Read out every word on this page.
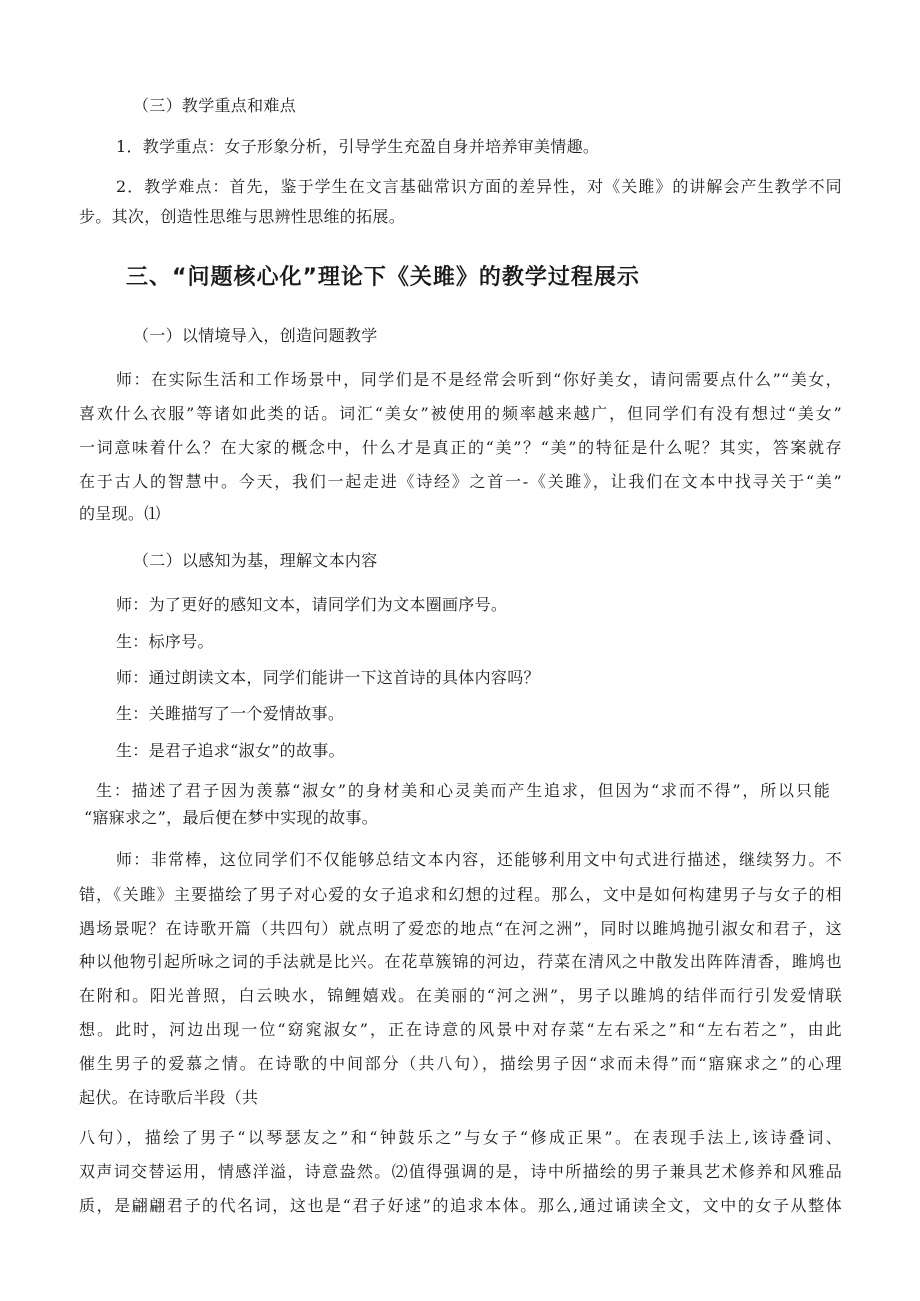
（三）教学重点和难点
1．教学重点：女子形象分析，引导学生充盈自身并培养审美情趣。
2．教学难点：首先，鉴于学生在文言基础常识方面的差异性，对《关雎》的讲解会产生教学不同
步。其次，创造性思维与思辨性思维的拓展。
三、“问题核心化”理论下《关雎》的教学过程展示
（一）以情境导入，创造问题教学
师：在实际生活和工作场景中，同学们是不是经常会听到“你好美女，请问需要点什么”“美女，
喜欢什么衣服”等诸如此类的话。词汇“美女”被使用的频率越来越广，但同学们有没有想过“美女”
一词意味着什么？在大家的概念中，什么才是真正的“美”？“美”的特征是什么呢？其实，答案就存
在于古人的智慧中。今天，我们一起走进《诗经》之首一-《关雎》，让我们在文本中找寻关于“美”
的呈现。⑴
（二）以感知为基，理解文本内容
师：为了更好的感知文本，请同学们为文本圈画序号。
生：标序号。
师：通过朗读文本，同学们能讲一下这首诗的具体内容吗？
生：关雎描写了一个爱情故事。
生：是君子追求“淑女”的故事。
生：描述了君子因为羡慕“淑女”的身材美和心灵美而产生追求，但因为“求而不得”，所以只能
“寤寐求之”，最后便在梦中实现的故事。
师：非常棒，这位同学们不仅能够总结文本内容，还能够利用文中句式进行描述，继续努力。不
错，《关雎》主要描绘了男子对心爱的女子追求和幻想的过程。那么，文中是如何构建男子与女子的相
遇场景呢？在诗歌开篇（共四句）就点明了爱恋的地点“在河之洲”，同时以雎鸠抛引淑女和君子，这
种以他物引起所咏之词的手法就是比兴。在花草簇锦的河边，荇菜在清风之中散发出阵阵清香，雎鸠也
在附和。阳光普照，白云映水，锦鲤嬉戏。在美丽的“河之洲”，男子以雎鸠的结伴而行引发爱情联
想。此时，河边出现一位“窈窕淑女”，正在诗意的风景中对存菜“左右采之”和“左右若之”，由此
催生男子的爱慕之情。在诗歌的中间部分（共八句），描绘男子因“求而未得”而“寤寐求之”的心理
起伏。在诗歌后半段（共
八句），描绘了男子“以琴瑟友之”和“钟鼓乐之”与女子“修成正果”。在表现手法上,该诗叠词、
双声词交替运用，情感洋溢，诗意盎然。⑵值得强调的是，诗中所描绘的男子兼具艺术修养和风雅品
质，是翩翩君子的代名词，这也是“君子好逑”的追求本体。那么,通过诵读全文，文中的女子从整体
